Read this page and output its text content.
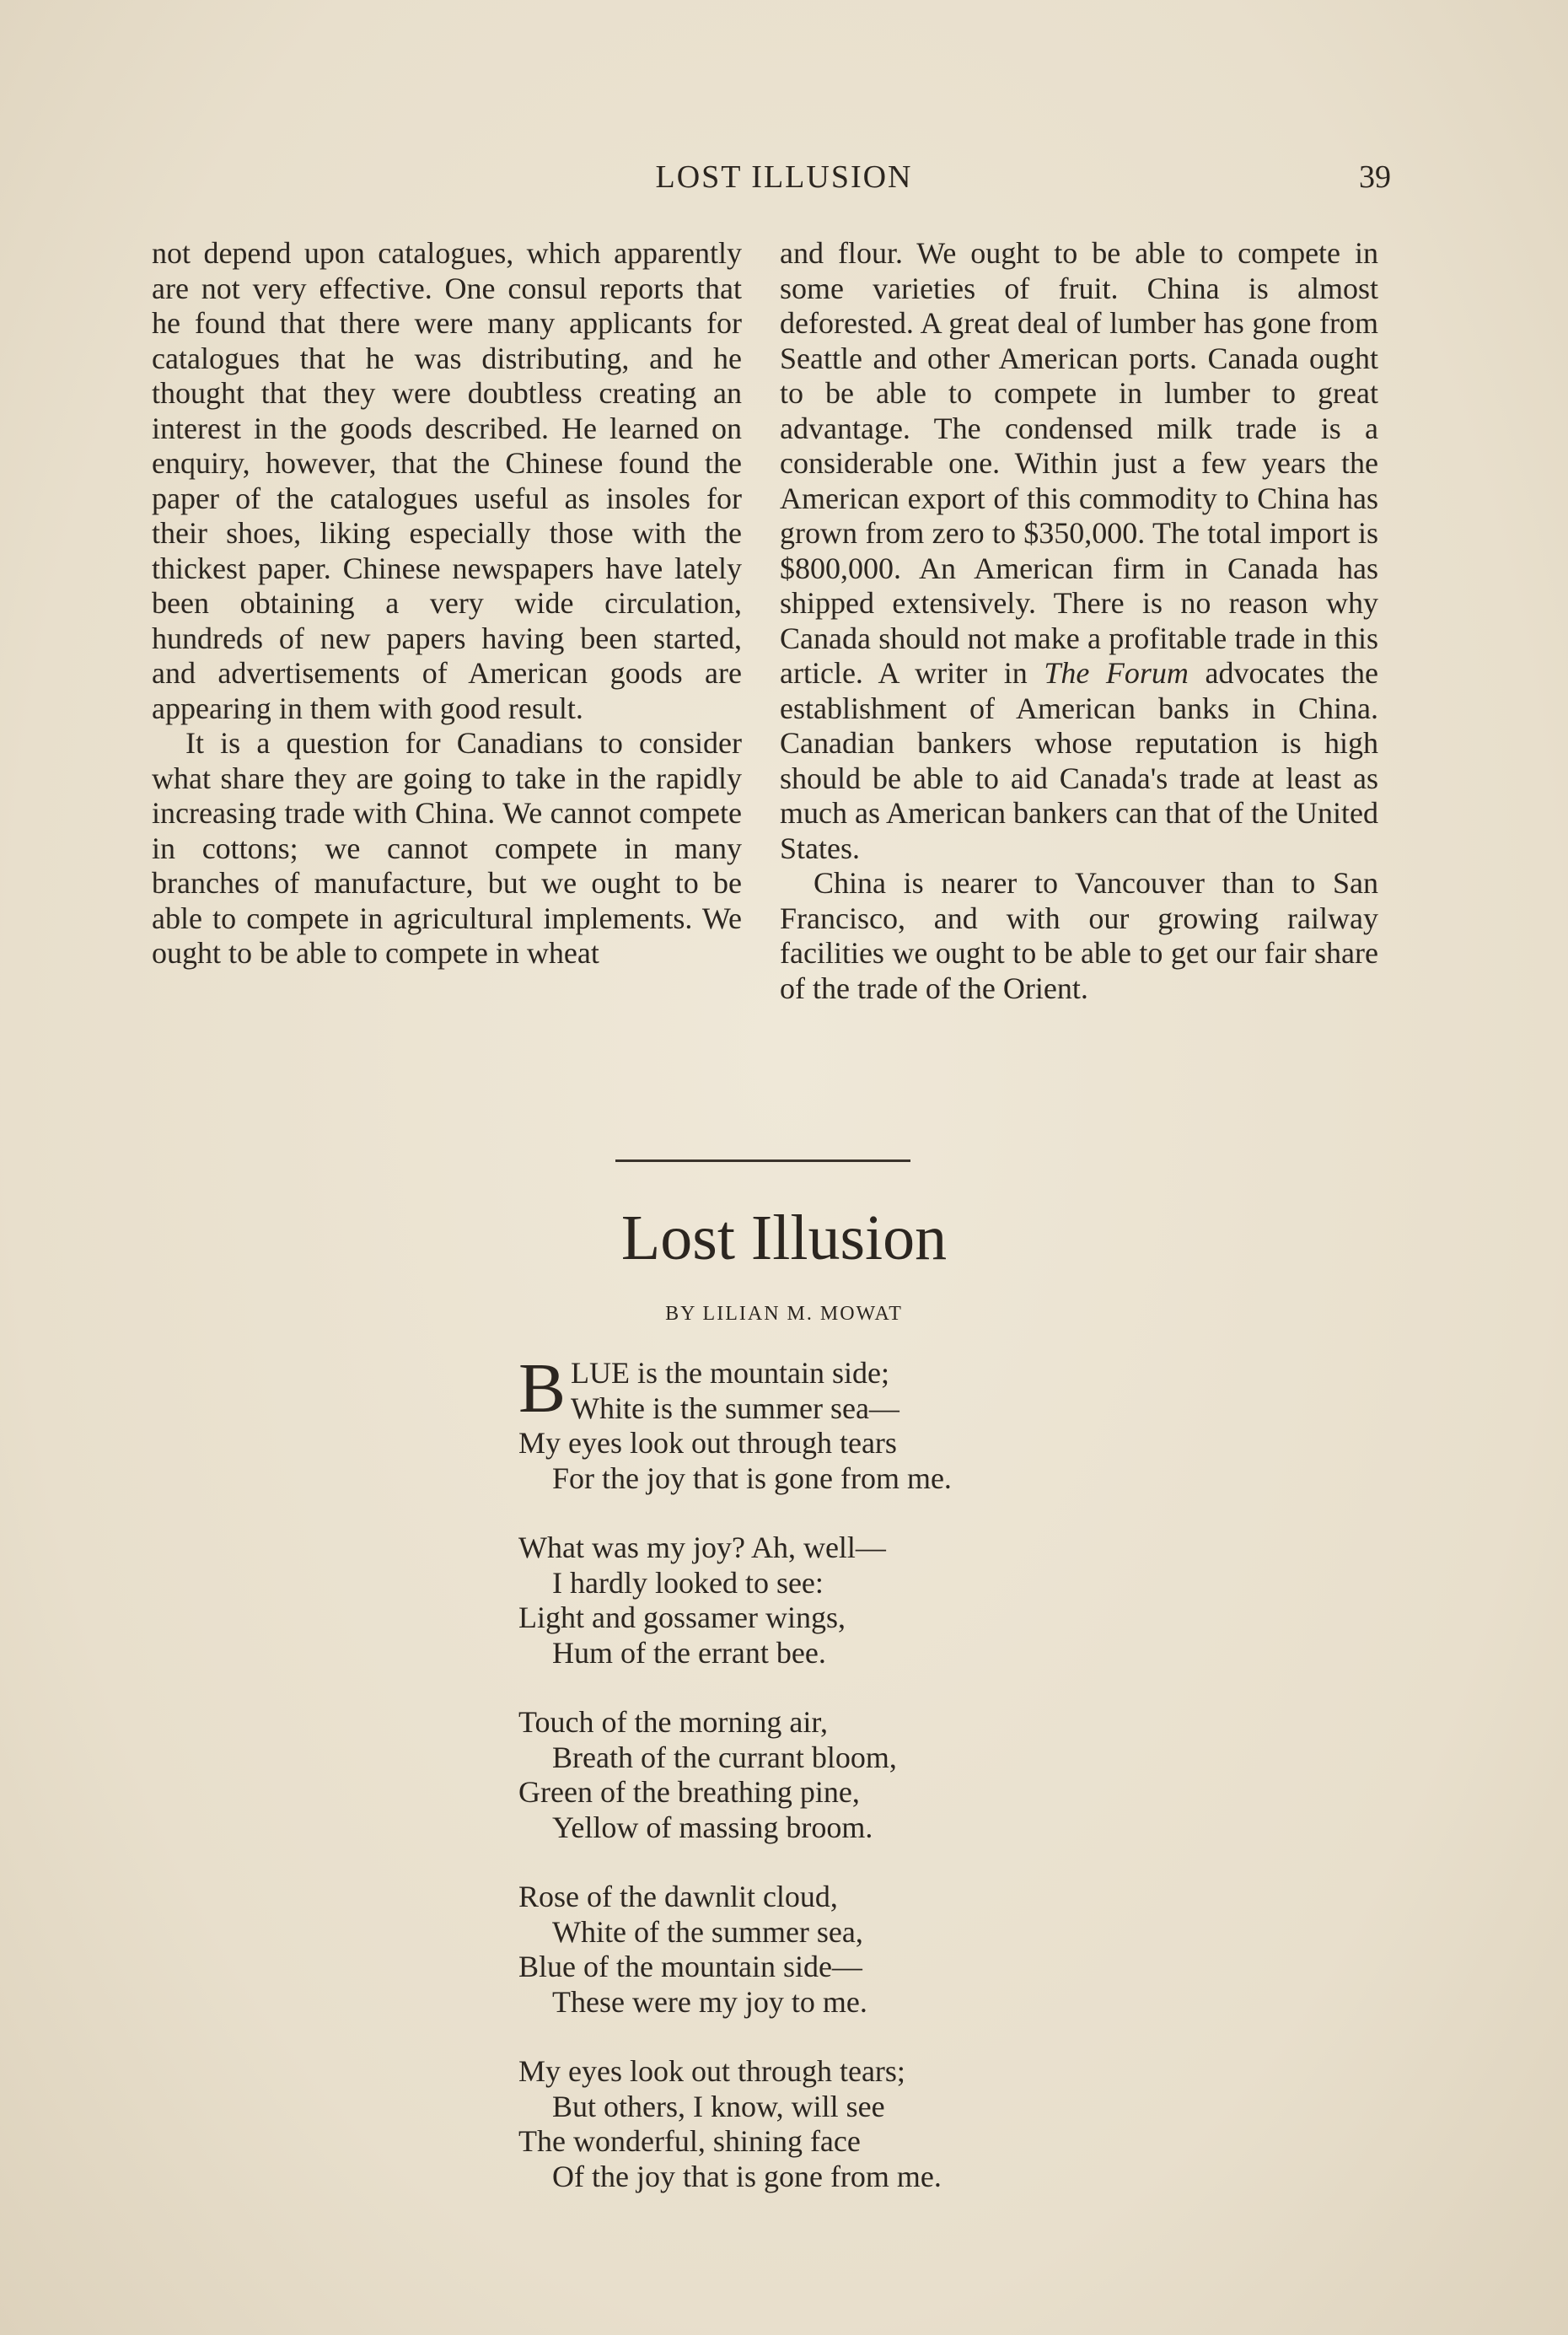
LOST ILLUSION	39

not depend upon catalogues, which apparently are not very effective. One consul reports that he found that there were many applicants for catalogues that he was distributing, and he thought that they were doubtless creating an interest in the goods described. He learned on enquiry, however, that the Chinese found the paper of the catalogues useful as insoles for their shoes, liking especially those with the thickest paper. Chinese newspapers have lately been obtaining a very wide circulation, hundreds of new papers having been started, and advertisements of American goods are appearing in them with good result.

It is a question for Canadians to consider what share they are going to take in the rapidly increasing trade with China. We cannot compete in cottons; we cannot compete in many branches of manufacture, but we ought to be able to compete in agricultural implements. We ought to be able to compete in wheat

and flour. We ought to be able to compete in some varieties of fruit. China is almost deforested. A great deal of lumber has gone from Seattle and other American ports. Canada ought to be able to compete in lumber to great advantage. The condensed milk trade is a considerable one. Within just a few years the American export of this commodity to China has grown from zero to $350,000. The total import is $800,000. An American firm in Canada has shipped extensively. There is no reason why Canada should not make a profitable trade in this article. A writer in The Forum advocates the establishment of American banks in China. Canadian bankers whose reputation is high should be able to aid Canada's trade at least as much as American bankers can that of the United States.

China is nearer to Vancouver than to San Francisco, and with our growing railway facilities we ought to be able to get our fair share of the trade of the Orient.

Lost Illusion
BY LILIAN M. MOWAT
B LUE is the mountain side;
White is the summer sea—
My eyes look out through tears
For the joy that is gone from me.
What was my joy? Ah, well—
I hardly looked to see:
Light and gossamer wings,
Hum of the errant bee.
Touch of the morning air,
Breath of the currant bloom,
Green of the breathing pine,
Yellow of massing broom.
Rose of the dawnlit cloud,
White of the summer sea,
Blue of the mountain side—
These were my joy to me.
My eyes look out through tears;
But others, I know, will see
The wonderful, shining face
Of the joy that is gone from me.
